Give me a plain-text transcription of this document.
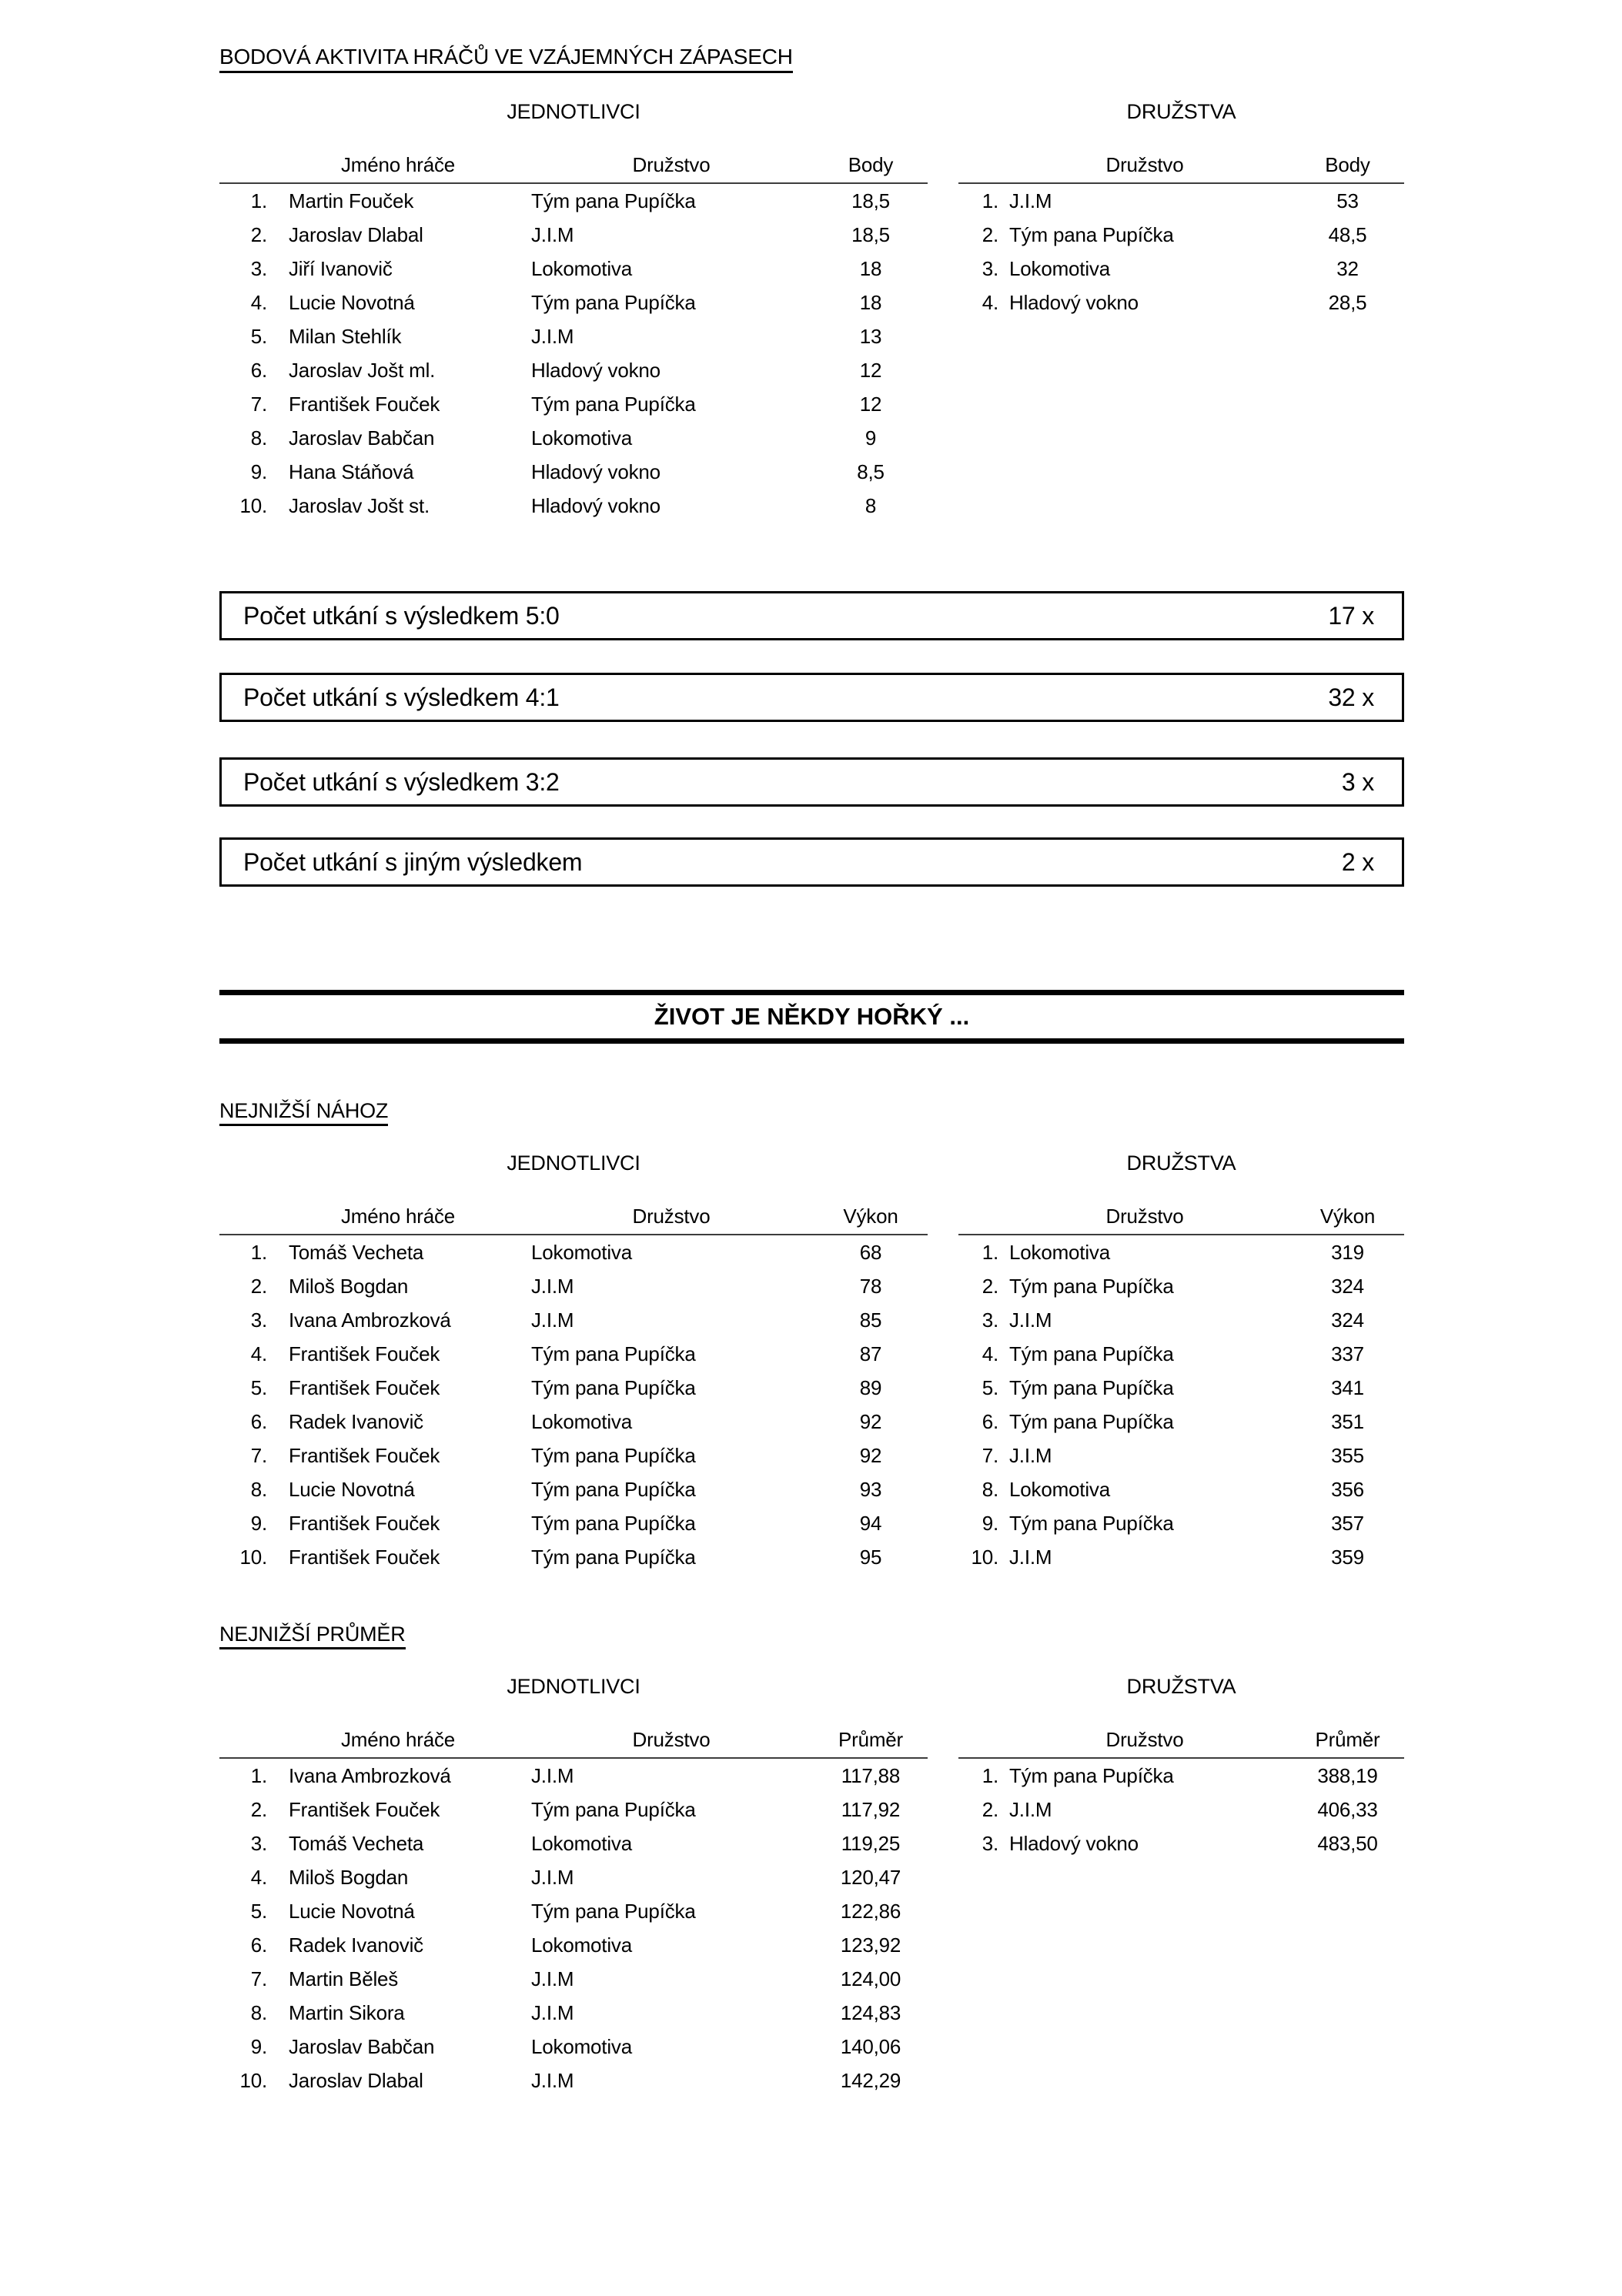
BODOVÁ AKTIVITA HRÁČŮ VE VZÁJEMNÝCH ZÁPASECH
JEDNOTLIVCI
	Jméno hráče	Družstvo	Body
1.	Martin Fouček	Tým pana Pupíčka	18,5
2.	Jaroslav Dlabal	J.I.M	18,5
3.	Jiří Ivanovič	Lokomotiva	18
4.	Lucie Novotná	Tým pana Pupíčka	18
5.	Milan Stehlík	J.I.M	13
6.	Jaroslav Jošt ml.	Hladový vokno	12
7.	František Fouček	Tým pana Pupíčka	12
8.	Jaroslav Babčan	Lokomotiva	9
9.	Hana Stáňová	Hladový vokno	8,5
10.	Jaroslav Jošt st.	Hladový vokno	8
DRUŽSTVA
	Družstvo	Body
1.	J.I.M	53
2.	Tým pana Pupíčka	48,5
3.	Lokomotiva	32
4.	Hladový vokno	28,5
Počet utkání s výsledkem 5:0	17 x
Počet utkání s výsledkem 4:1	32 x
Počet utkání s výsledkem 3:2	3 x
Počet utkání s jiným výsledkem	2 x
ŽIVOT JE NĚKDY HOŘKÝ ...
NEJNIŽŠÍ NÁHOZ
JEDNOTLIVCI
	Jméno hráče	Družstvo	Výkon
1.	Tomáš Vecheta	Lokomotiva	68
2.	Miloš Bogdan	J.I.M	78
3.	Ivana Ambrozková	J.I.M	85
4.	František Fouček	Tým pana Pupíčka	87
5.	František Fouček	Tým pana Pupíčka	89
6.	Radek Ivanovič	Lokomotiva	92
7.	František Fouček	Tým pana Pupíčka	92
8.	Lucie Novotná	Tým pana Pupíčka	93
9.	František Fouček	Tým pana Pupíčka	94
10.	František Fouček	Tým pana Pupíčka	95
DRUŽSTVA
	Družstvo	Výkon
1.	Lokomotiva	319
2.	Tým pana Pupíčka	324
3.	J.I.M	324
4.	Tým pana Pupíčka	337
5.	Tým pana Pupíčka	341
6.	Tým pana Pupíčka	351
7.	J.I.M	355
8.	Lokomotiva	356
9.	Tým pana Pupíčka	357
10.	J.I.M	359
NEJNIŽŠÍ PRŮMĚR
JEDNOTLIVCI
	Jméno hráče	Družstvo	Průměr
1.	Ivana Ambrozková	J.I.M	117,88
2.	František Fouček	Tým pana Pupíčka	117,92
3.	Tomáš Vecheta	Lokomotiva	119,25
4.	Miloš Bogdan	J.I.M	120,47
5.	Lucie Novotná	Tým pana Pupíčka	122,86
6.	Radek Ivanovič	Lokomotiva	123,92
7.	Martin Běleš	J.I.M	124,00
8.	Martin Sikora	J.I.M	124,83
9.	Jaroslav Babčan	Lokomotiva	140,06
10.	Jaroslav Dlabal	J.I.M	142,29
DRUŽSTVA
	Družstvo	Průměr
1.	Tým pana Pupíčka	388,19
2.	J.I.M	406,33
3.	Hladový vokno	483,50
